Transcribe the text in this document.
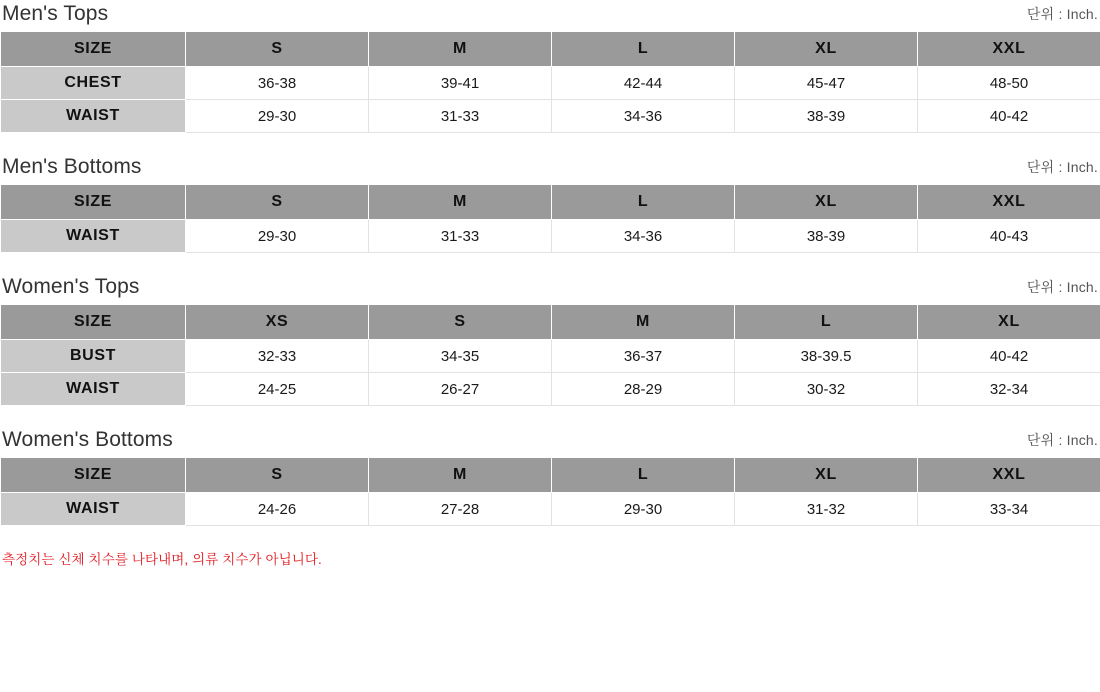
Men's Tops	단위 : Inch.
SIZE	S	M	L	XL	XXL
CHEST	36-38	39-41	42-44	45-47	48-50
WAIST	29-30	31-33	34-36	38-39	40-42
Men's Bottoms	단위 : Inch.
SIZE	S	M	L	XL	XXL
WAIST	29-30	31-33	34-36	38-39	40-43
Women's Tops	단위 : Inch.
SIZE	XS	S	M	L	XL
BUST	32-33	34-35	36-37	38-39.5	40-42
WAIST	24-25	26-27	28-29	30-32	32-34
Women's Bottoms	단위 : Inch.
SIZE	S	M	L	XL	XXL
WAIST	24-26	27-28	29-30	31-32	33-34
측정치는 신체 치수를 나타내며, 의류 치수가 아닙니다.
